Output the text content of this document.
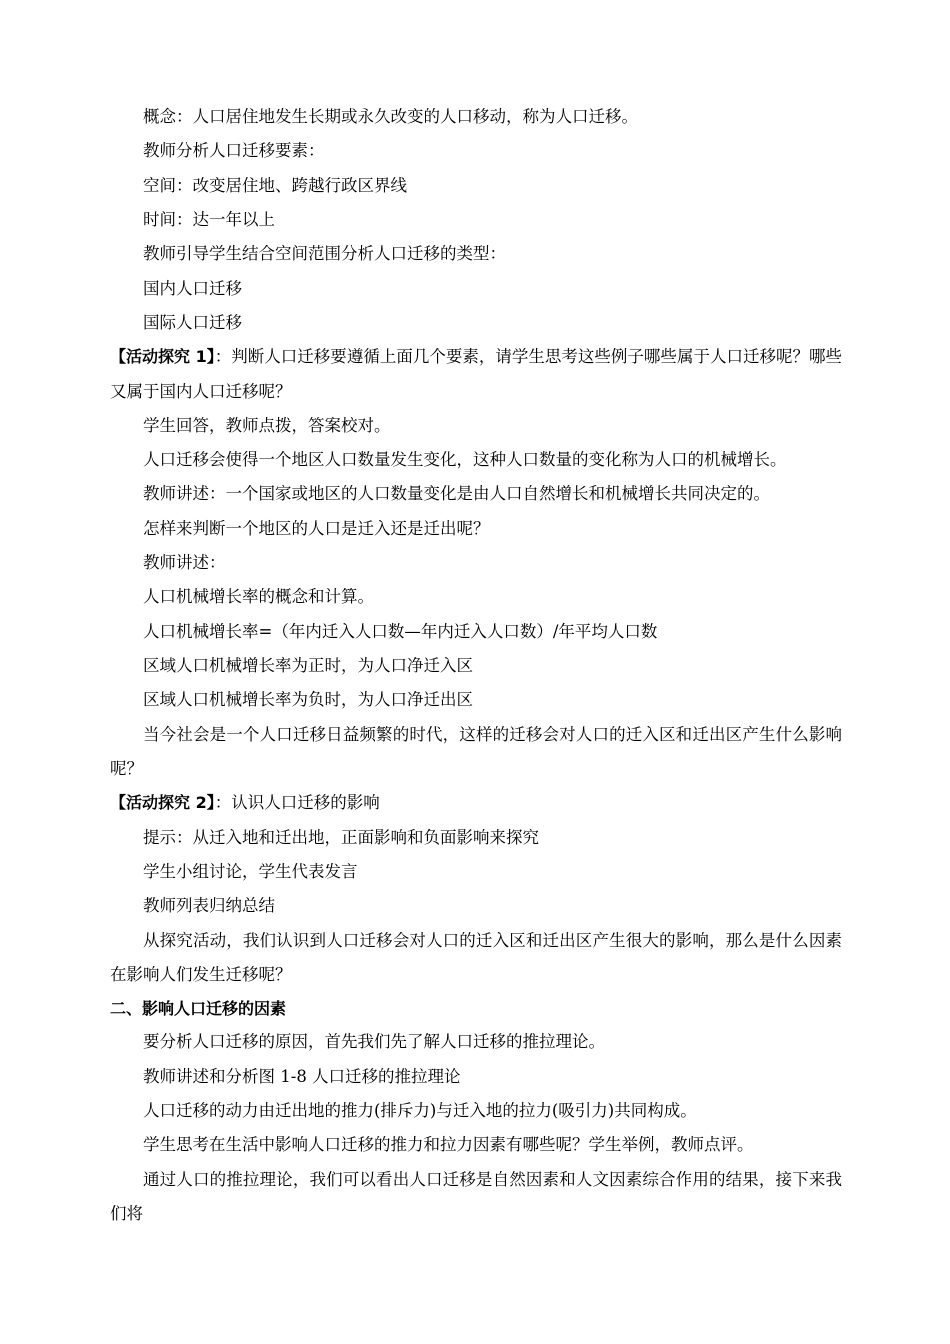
概念：人口居住地发生长期或永久改变的人口移动，称为人口迁移。

教师分析人口迁移要素：

空间：改变居住地、跨越行政区界线

时间：达一年以上

教师引导学生结合空间范围分析人口迁移的类型：

国内人口迁移

国际人口迁移

【活动探究 1】：判断人口迁移要遵循上面几个要素，请学生思考这些例子哪些属于人口迁移呢？哪些又属于国内人口迁移呢？

学生回答，教师点拨，答案校对。

人口迁移会使得一个地区人口数量发生变化，这种人口数量的变化称为人口的机械增长。

教师讲述：一个国家或地区的人口数量变化是由人口自然增长和机械增长共同决定的。

怎样来判断一个地区的人口是迁入还是迁出呢？

教师讲述：

人口机械增长率的概念和计算。

人口机械增长率=（年内迁入人口数—年内迁入人口数）/年平均人口数

区域人口机械增长率为正时，为人口净迁入区

区域人口机械增长率为负时，为人口净迁出区

当今社会是一个人口迁移日益频繁的时代，这样的迁移会对人口的迁入区和迁出区产生什么影响呢？

【活动探究 2】：认识人口迁移的影响

提示：从迁入地和迁出地，正面影响和负面影响来探究

学生小组讨论，学生代表发言

教师列表归纳总结

从探究活动，我们认识到人口迁移会对人口的迁入区和迁出区产生很大的影响，那么是什么因素在影响人们发生迁移呢？

二、影响人口迁移的因素

要分析人口迁移的原因，首先我们先了解人口迁移的推拉理论。

教师讲述和分析图 1-8 人口迁移的推拉理论

人口迁移的动力由迁出地的推力(排斥力)与迁入地的拉力(吸引力)共同构成。

学生思考在生活中影响人口迁移的推力和拉力因素有哪些呢？学生举例，教师点评。

通过人口的推拉理论，我们可以看出人口迁移是自然因素和人文因素综合作用的结果，接下来我们将
